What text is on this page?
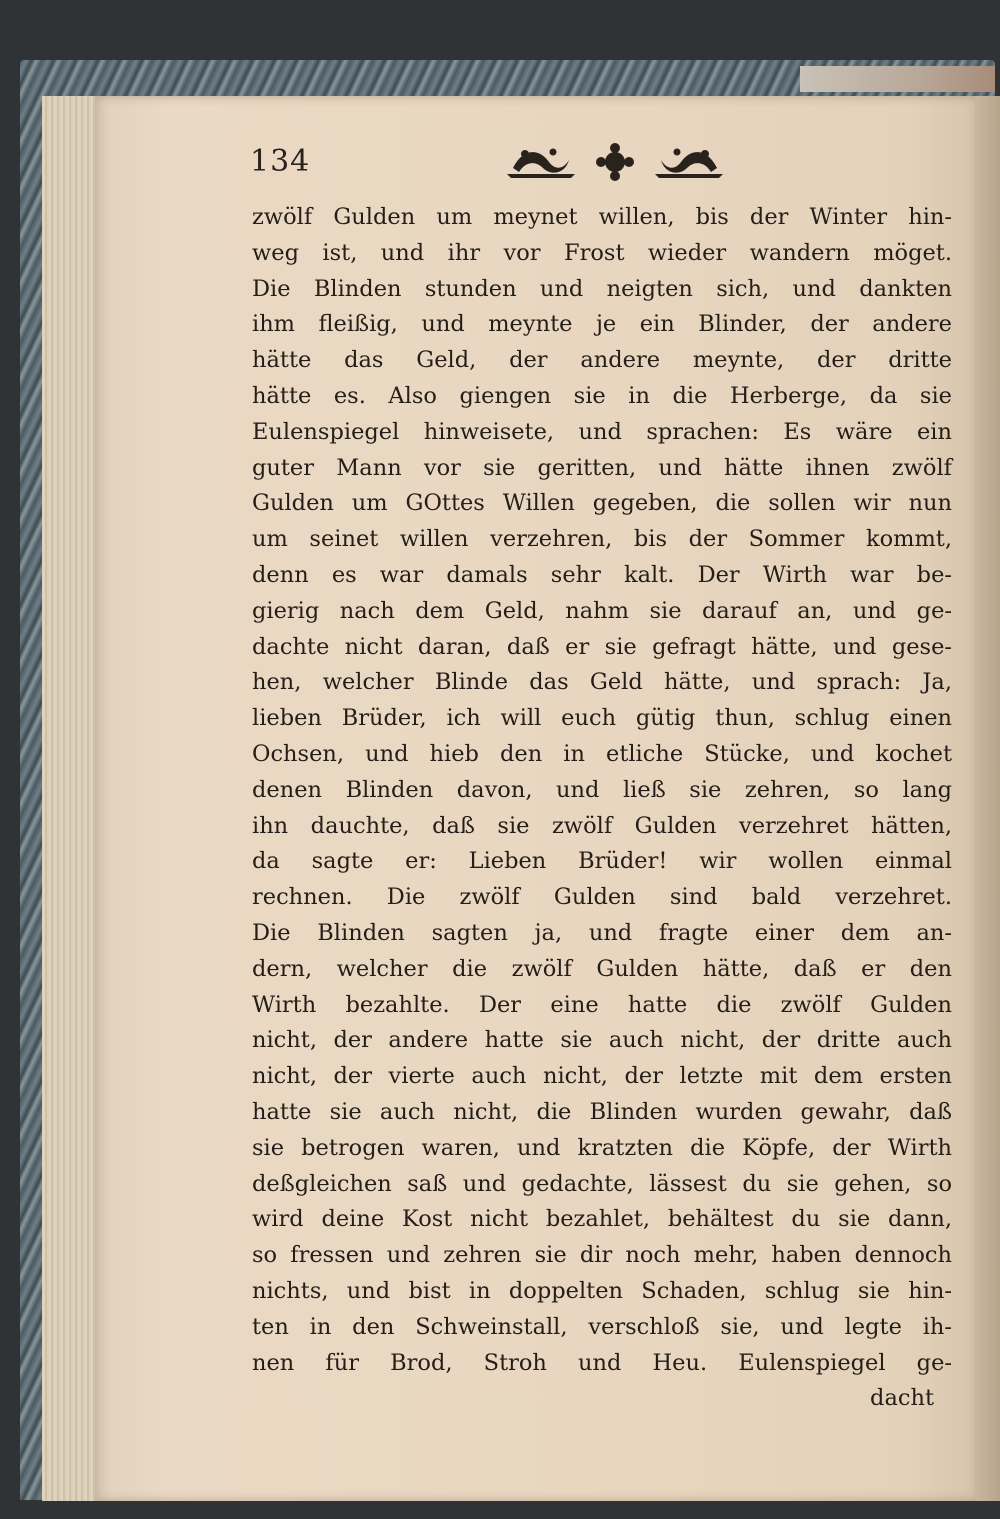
134
zwölf Gulden um meynet willen, bis der Winter hin-
weg ist, und ihr vor Frost wieder wandern möget.
Die Blinden stunden und neigten sich, und dankten
ihm fleißig, und meynte je ein Blinder, der andere
hätte das Geld, der andere meynte, der dritte
hätte es. Also giengen sie in die Herberge, da sie
Eulenspiegel hinweisete, und sprachen: Es wäre ein
guter Mann vor sie geritten, und hätte ihnen zwölf
Gulden um GOttes Willen gegeben, die sollen wir nun
um seinet willen verzehren, bis der Sommer kommt,
denn es war damals sehr kalt. Der Wirth war be-
gierig nach dem Geld, nahm sie darauf an, und ge-
dachte nicht daran, daß er sie gefragt hätte, und gese-
hen, welcher Blinde das Geld hätte, und sprach: Ja,
lieben Brüder, ich will euch gütig thun, schlug einen
Ochsen, und hieb den in etliche Stücke, und kochet
denen Blinden davon, und ließ sie zehren, so lang
ihn dauchte, daß sie zwölf Gulden verzehret hätten,
da sagte er: Lieben Brüder! wir wollen einmal
rechnen. Die zwölf Gulden sind bald verzehret.
Die Blinden sagten ja, und fragte einer dem an-
dern, welcher die zwölf Gulden hätte, daß er den
Wirth bezahlte. Der eine hatte die zwölf Gulden
nicht, der andere hatte sie auch nicht, der dritte auch
nicht, der vierte auch nicht, der letzte mit dem ersten
hatte sie auch nicht, die Blinden wurden gewahr, daß
sie betrogen waren, und kratzten die Köpfe, der Wirth
deßgleichen saß und gedachte, lässest du sie gehen, so
wird deine Kost nicht bezahlet, behältest du sie dann,
so fressen und zehren sie dir noch mehr, haben dennoch
nichts, und bist in doppelten Schaden, schlug sie hin-
ten in den Schweinstall, verschloß sie, und legte ih-
nen für Brod, Stroh und Heu. Eulenspiegel ge-
dacht
